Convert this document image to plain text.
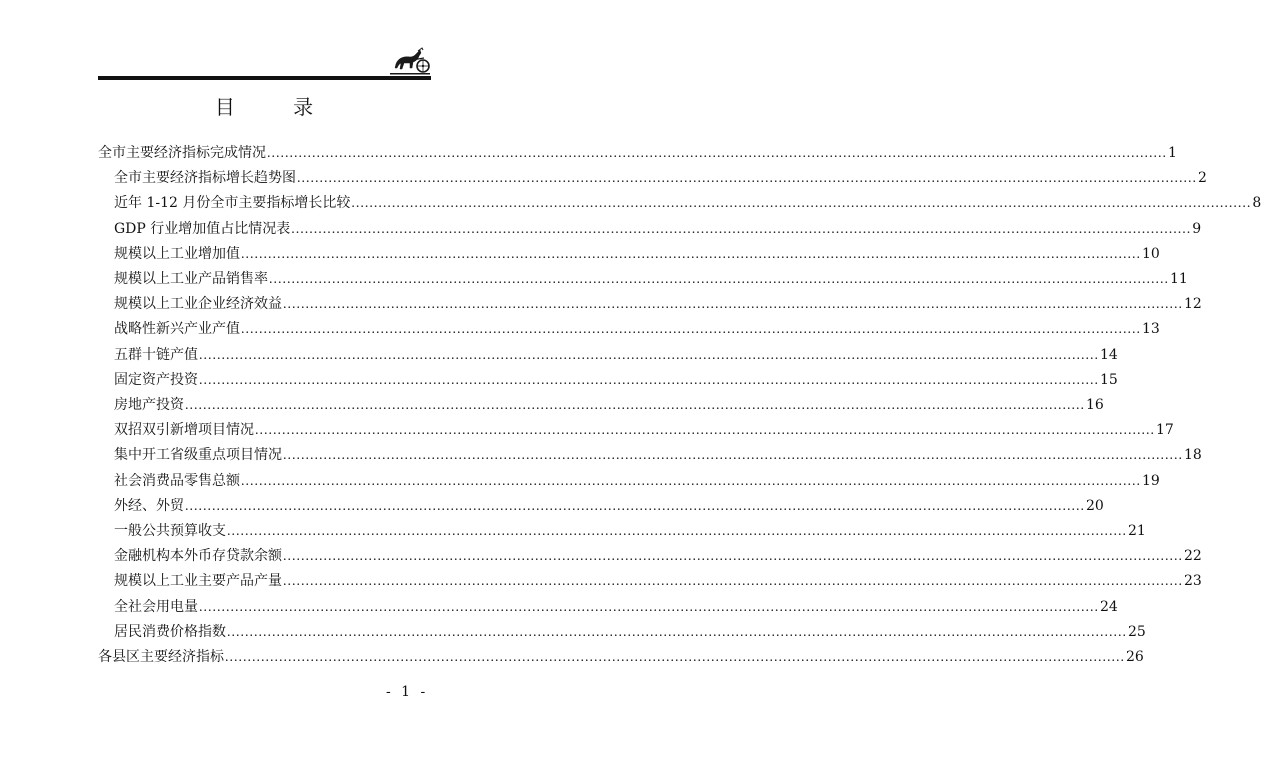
目 录
全市主要经济指标完成情况 ........................................................................................................................................................................................................ 1
全市主要经济指标增长趋势图 ........................................................................................................................................................................................................ 2
近年 1-12 月份全市主要指标增长比较 ........................................................................................................................................................................................................ 8
GDP 行业增加值占比情况表 ........................................................................................................................................................................................................ 9
规模以上工业增加值 ........................................................................................................................................................................................................ 10
规模以上工业产品销售率 ........................................................................................................................................................................................................ 11
规模以上工业企业经济效益 ........................................................................................................................................................................................................ 12
战略性新兴产业产值 ........................................................................................................................................................................................................ 13
五群十链产值 ........................................................................................................................................................................................................ 14
固定资产投资 ........................................................................................................................................................................................................ 15
房地产投资 ........................................................................................................................................................................................................ 16
双招双引新增项目情况 ........................................................................................................................................................................................................ 17
集中开工省级重点项目情况 ........................................................................................................................................................................................................ 18
社会消费品零售总额 ........................................................................................................................................................................................................ 19
外经、外贸 ........................................................................................................................................................................................................ 20
一般公共预算收支 ........................................................................................................................................................................................................ 21
金融机构本外币存贷款余额 ........................................................................................................................................................................................................ 22
规模以上工业主要产品产量 ........................................................................................................................................................................................................ 23
全社会用电量 ........................................................................................................................................................................................................ 24
居民消费价格指数 ........................................................................................................................................................................................................ 25
各县区主要经济指标 ........................................................................................................................................................................................................ 26
- 1 -
